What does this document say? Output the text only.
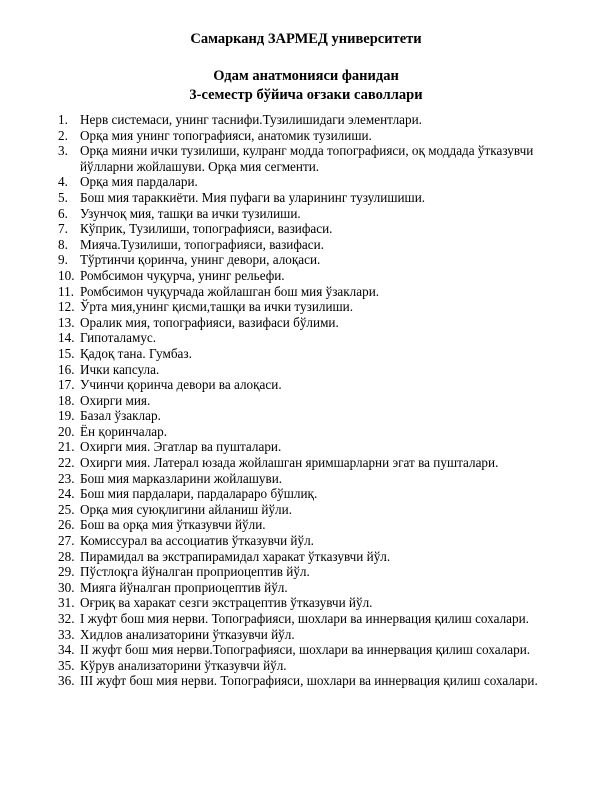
Самарканд ЗАРМЕД университети
Одам анатмонияси фанидан
3-семестр бўйича оғзаки саволлари
1. Нерв системаси, унинг таснифи.Тузилишидаги элементлари.
2. Орқа мия унинг топографияси, анатомик тузилиши.
3. Орқа мияни ички тузилиши, кулранг модда топографияси, оқ моддада ўтказувчи йўлларни жойлашуви. Орқа мия сегменти.
4. Орқа мия пардалари.
5. Бош мия тараккиёти. Мия пуфаги ва уларининг тузулишиши.
6. Узунчоқ мия, ташқи ва ички тузилиши.
7. Кўприк, Тузилиши, топографияси, вазифаси.
8. Мияча.Тузилиши, топографияси, вазифаси.
9. Тўртинчи қоринча, унинг девори, алоқаси.
10. Ромбсимон чуқурча, унинг рельефи.
11. Ромбсимон чуқурчада жойлашган бош мия ўзаклари.
12. Ўрта мия,унинг қисми,ташқи ва ички тузилиши.
13. Оралик мия, топографияси, вазифаси бўлими.
14. Гипоталамус.
15. Қадоқ тана. Гумбаз.
16. Ички капсула.
17. Учинчи қоринча девори ва алоқаси.
18. Охирги мия.
19. Базал ўзаклар.
20. Ён қоринчалар.
21. Охирги мия. Эгатлар ва пушталари.
22. Охирги мия. Латерал юзада жойлашган яримшарларни эгат ва пушталари.
23. Бош мия марказларини жойлашуви.
24. Бош мия пардалари, пардалараро бўшлиқ.
25. Орқа мия суюқлигини айланиш йўли.
26. Бош ва орқа мия ўтказувчи йўли.
27. Комиссурал ва ассоциатив ўтказувчи йўл.
28. Пирамидал ва экстрапирамидал харакат ўтказувчи йўл.
29. Пўстлоқга йўналган проприоцептив йўл.
30. Мияга йўналган проприоцептив йўл.
31. Оғриқ ва харакат сезги экстрацептив ўтказувчи йўл.
32. I жуфт бош мия нерви. Топографияси, шохлари ва иннервация қилиш сохалари.
33. Хидлов анализаторини ўтказувчи йўл.
34. II жуфт бош мия нерви.Топографияси, шохлари ва иннервация қилиш сохалари.
35. Кўрув анализаторини ўтказувчи йўл.
36. III жуфт бош мия нерви. Топографияси, шохлари ва иннервация қилиш сохалари.
